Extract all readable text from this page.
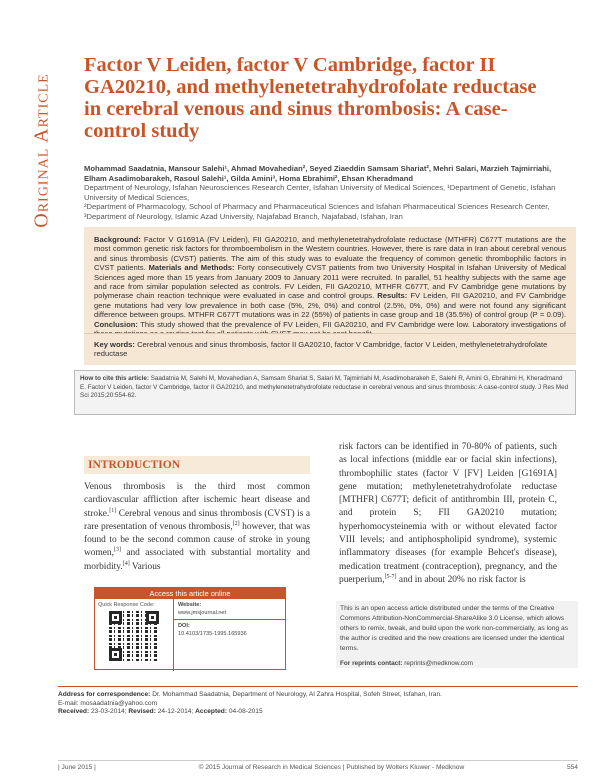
Original Article
Factor V Leiden, factor V Cambridge, factor II GA20210, and methylenetetrahydrofolate reductase in cerebral venous and sinus thrombosis: A case-control study
Mohammad Saadatnia, Mansour Salehi¹, Ahmad Movahedian², Seyed Ziaeddin Samsam Shariat², Mehri Salari, Marzieh Tajmirriahi, Elham Asadimobarakeh, Rasoul Salehi¹, Gilda Amini³, Homa Ebrahimi², Ehsan Kheradmand
Department of Neurology, Isfahan Neurosciences Research Center, Isfahan University of Medical Sciences, ¹Department of Genetic, Isfahan University of Medical Sciences,
²Department of Pharmacology, School of Pharmacy and Pharmaceutical Sciences and Isfahan Pharmaceutical Sciences Research Center,
³Department of Neurology, Islamic Azad University, Najafabad Branch, Najafabad, Isfahan, Iran
Background: Factor V G1691A (FV Leiden), FII GA20210, and methylenetetrahydrofolate reductase (MTHFR) C677T mutations are the most common genetic risk factors for thromboembolism in the Western countries. However, there is rare data in Iran about cerebral venous and sinus thrombosis (CVST) patients. The aim of this study was to evaluate the frequency of common genetic thrombophilic factors in CVST patients. Materials and Methods: Forty consecutively CVST patients from two University Hospital in Isfahan University of Medical Sciences aged more than 15 years from January 2009 to January 2011 were recruited. In parallel, 51 healthy subjects with the same age and race from similar population selected as controls. FV Leiden, FII GA20210, MTHFR C677T, and FV Cambridge gene mutations by polymerase chain reaction technique were evaluated in case and control groups. Results: FV Leiden, FII GA20210, and FV Cambridge gene mutations had very low prevalence in both case (5%, 2%, 0%) and control (2.5%, 0%, 0%) and were not found any significant difference between groups. MTHFR C677T mutations was in 22 (55%) of patients in case group and 18 (35.5%) of control group (P = 0.09). Conclusion: This study showed that the prevalence of FV Leiden, FII GA20210, and FV Cambridge were low. Laboratory investigations of
Key words: Cerebral venous and sinus thrombosis, factor II GA20210, factor V Cambridge, factor V Leiden, methylenetetrahydrofolate reductase
How to cite this article: Saadatnia M, Salehi M, Movahedian A, Samsam Shariat S, Salari M, Tajmirriahi M, Asadimobarakeh E, Salehi R, Amini G, Ebrahimi H, Kheradmand E. Factor V Leiden, factor V Cambridge, factor II GA20210, and methylenetetrahydrofolate reductase in cerebral venous and sinus thrombosis: A case-control study. J Res Med Sci 2015;20:554-62.
INTRODUCTION
Venous thrombosis is the third most common cardiovascular affliction after ischemic heart disease and stroke.[1] Cerebral venous and sinus thrombosis (CVST) is a rare presentation of venous thrombosis,[2] however, that was found to be the second common cause of stroke in young women,[3] and associated with substantial mortality and morbidity.[4] Various
risk factors can be identified in 70-80% of patients, such as local infections (middle ear or facial skin infections), thrombophilic states (factor V [FV] Leiden [G1691A] gene mutation; methylenetetrahydrofolate reductase [MTHFR] C677T; deficit of antithrombin III, protein C, and protein S; FII GA20210 mutation; hyperhomocysteinemia with or without elevated factor VIII levels; and antiphospholipid syndrome), systemic inflammatory diseases (for example Behcet's disease), medication treatment (contraception), pregnancy, and the puerperium,[5-7] and in about 20% no risk factor is
Access this article online
Quick Response Code:	Website:
www.jmsjournal.net
DOI:
10.4103/1735-1995.165936
This is an open access article distributed under the terms of the Creative Commons Attribution-NonCommercial-ShareAlike 3.0 License, which allows others to remix, tweak, and build upon the work non-commercially, as long as the author is credited and the new creations are licensed under the identical terms.
For reprints contact: reprints@medknow.com
Address for correspondence: Dr. Mohammad Saadatnia, Department of Neurology, Al Zahra Hospital, Sofeh Street, Isfahan, Iran.
E-mail: mosaadatnia@yahoo.com
Received: 23-03-2014; Revised: 24-12-2014; Accepted: 04-08-2015
| June 2015 |	© 2015 Journal of Research in Medical Sciences | Published by Wolters Kluwer - Medknow	554
